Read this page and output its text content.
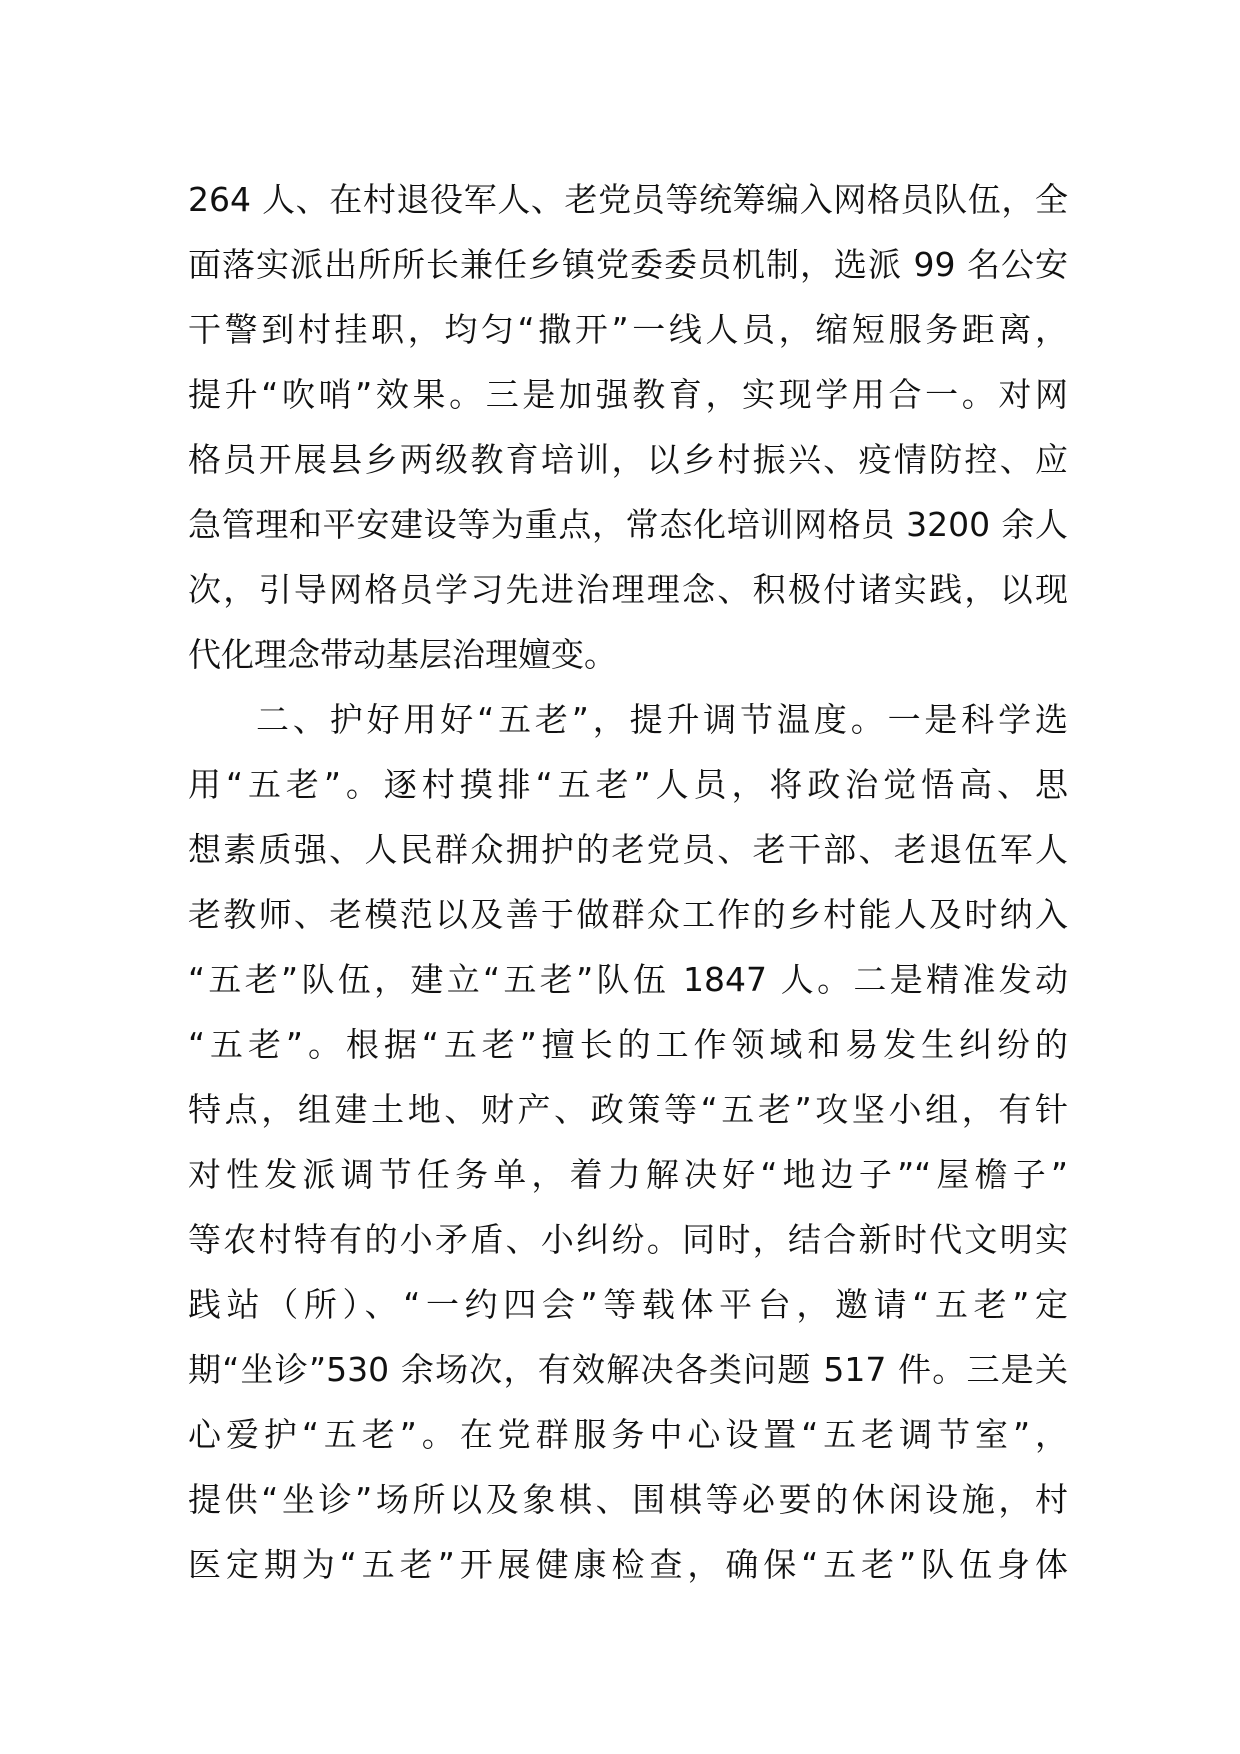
264 人、在村退役军人、老党员等统筹编入网格员队伍，全
面落实派出所所长兼任乡镇党委委员机制，选派 99 名公安
干警到村挂职，均匀“撒开”一线人员，缩短服务距离，
提升“吹哨”效果。三是加强教育，实现学用合一。对网
格员开展县乡两级教育培训，以乡村振兴、疫情防控、应
急管理和平安建设等为重点，常态化培训网格员 3200 余人
次，引导网格员学习先进治理理念、积极付诸实践，以现
代化理念带动基层治理嬗变。
二、护好用好“五老”，提升调节温度。一是科学选
用“五老”。逐村摸排“五老”人员，将政治觉悟高、思
想素质强、人民群众拥护的老党员、老干部、老退伍军人
老教师、老模范以及善于做群众工作的乡村能人及时纳入
“五老”队伍，建立“五老”队伍 1847 人。二是精准发动
“五老”。根据“五老”擅长的工作领域和易发生纠纷的
特点，组建土地、财产、政策等“五老”攻坚小组，有针
对性发派调节任务单，着力解决好“地边子”“屋檐子”
等农村特有的小矛盾、小纠纷。同时，结合新时代文明实
践站（所）、“一约四会”等载体平台，邀请“五老”定
期“坐诊”530 余场次，有效解决各类问题 517 件。三是关
心爱护“五老”。在党群服务中心设置“五老调节室”，
提供“坐诊”场所以及象棋、围棋等必要的休闲设施，村
医定期为“五老”开展健康检查，确保“五老”队伍身体
